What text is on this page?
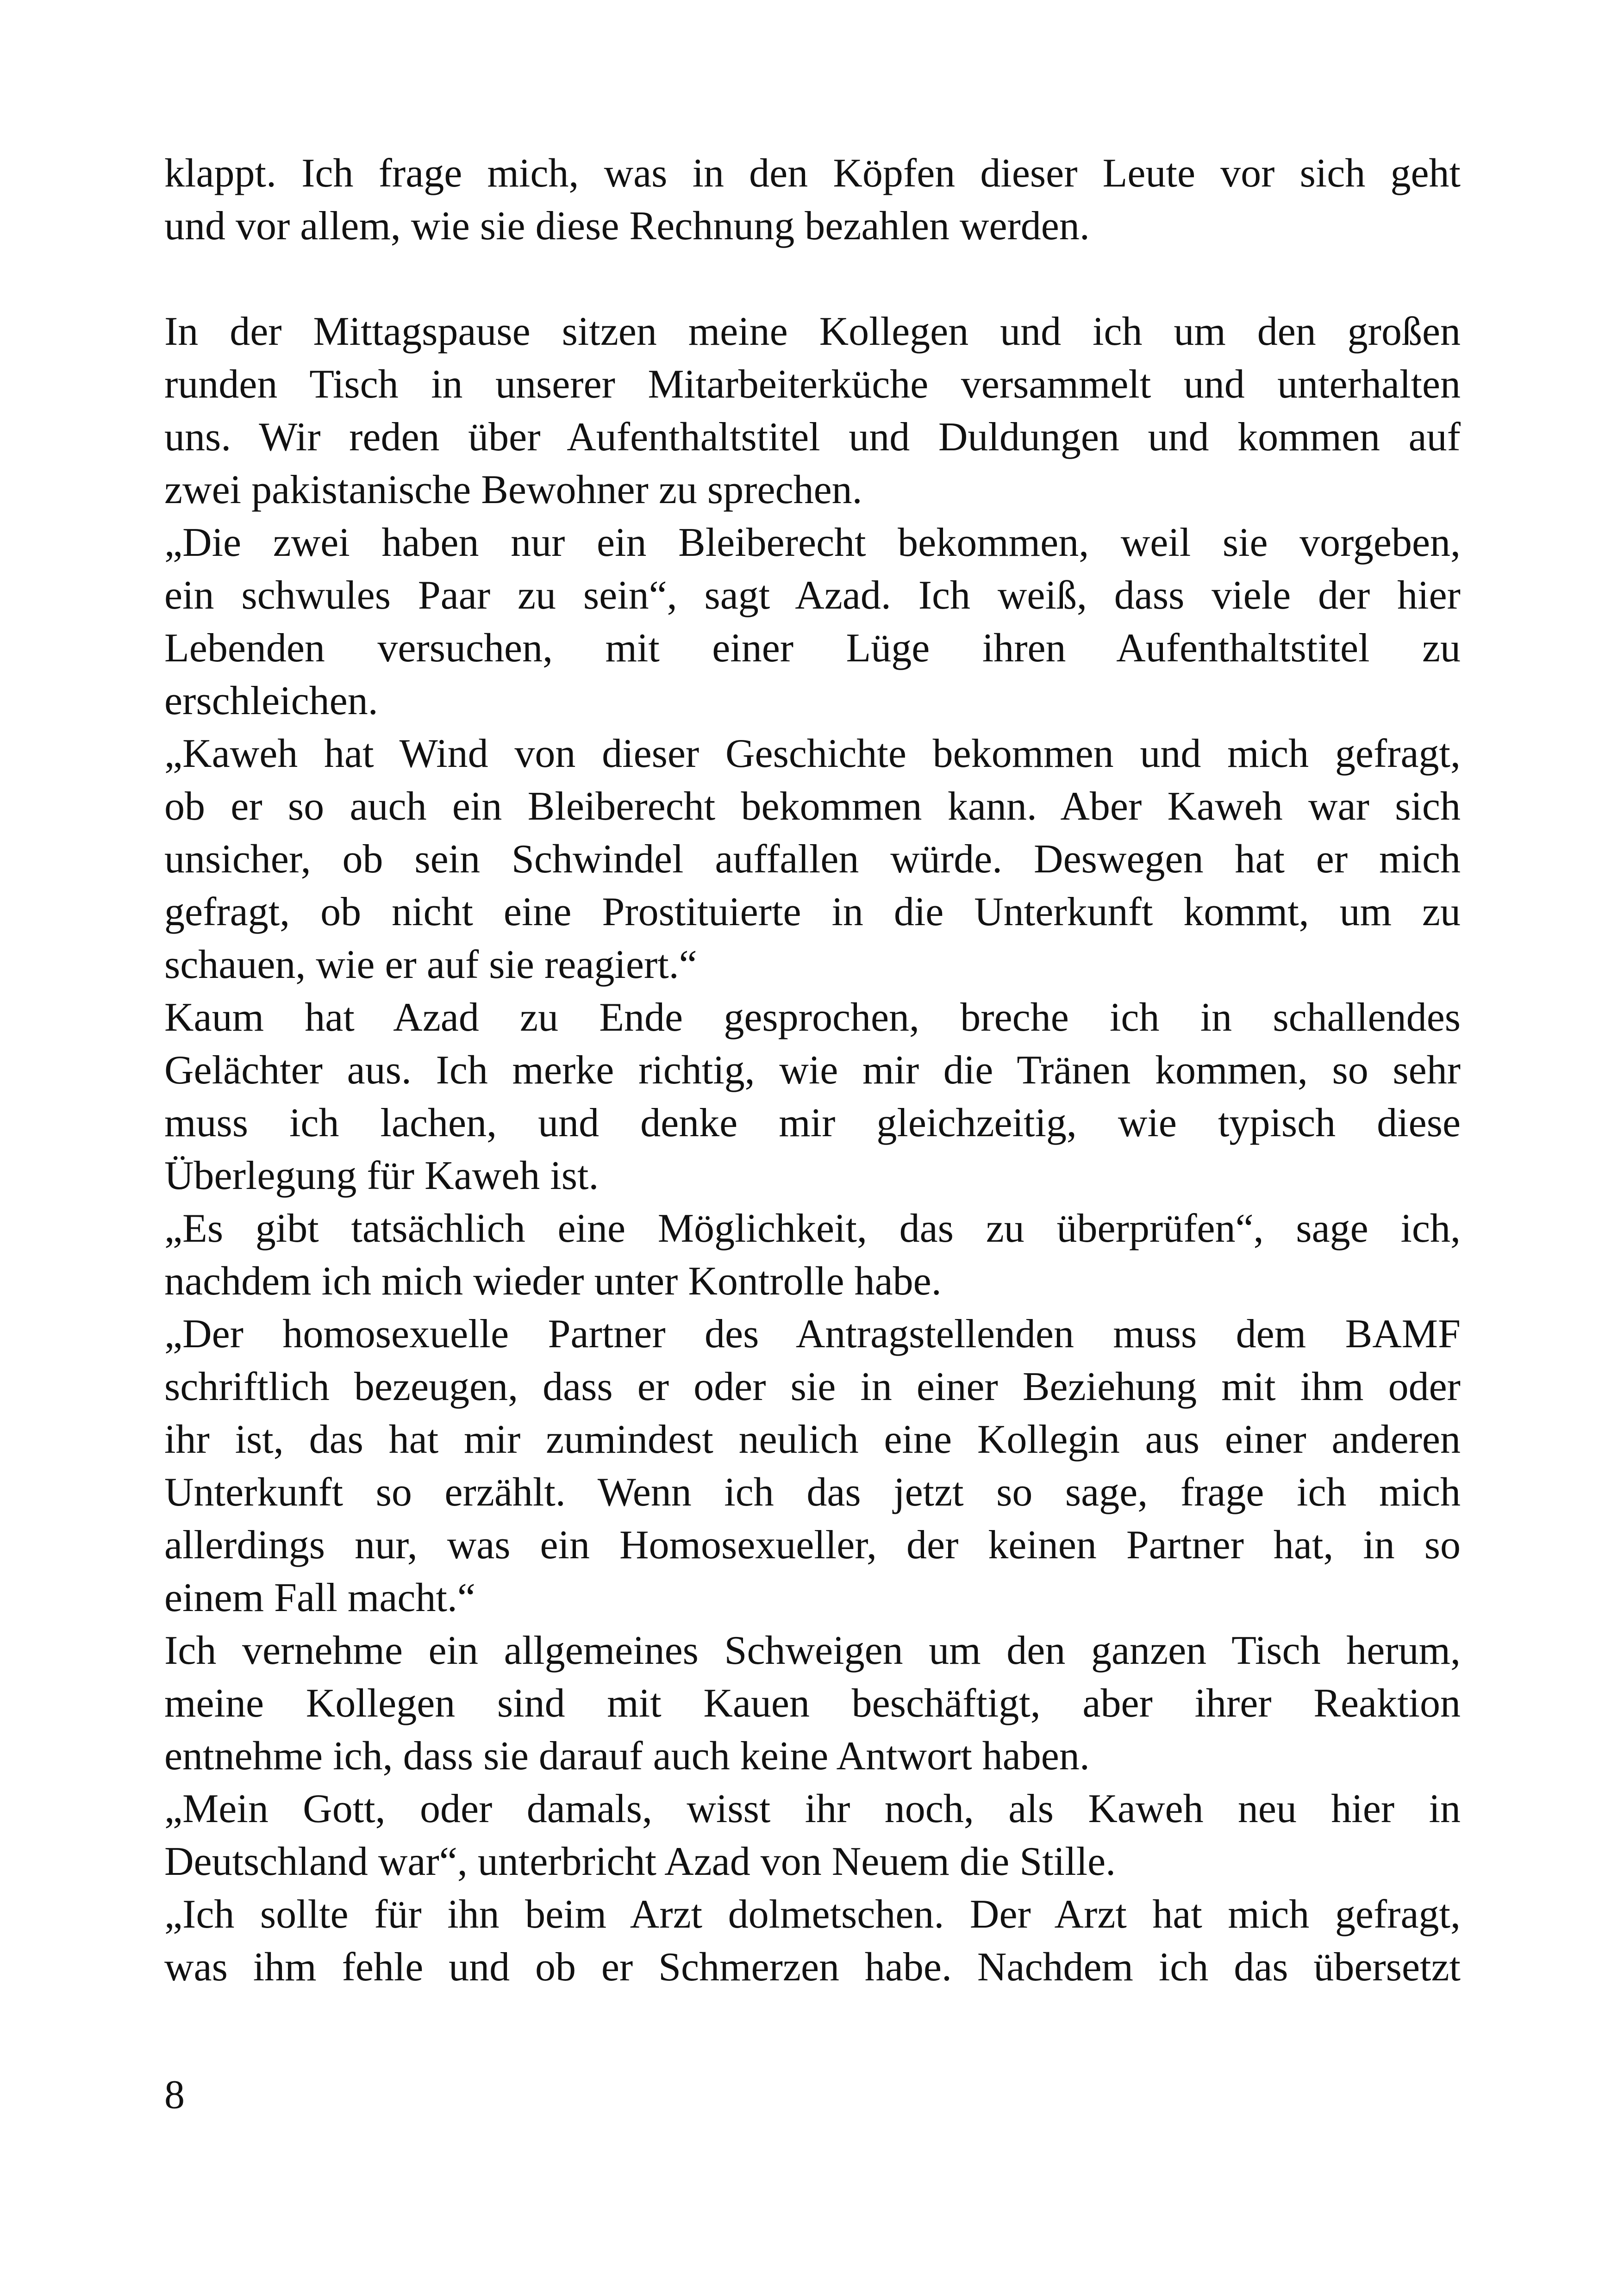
klappt. Ich frage mich, was in den Köpfen dieser Leute vor sich geht
und vor allem, wie sie diese Rechnung bezahlen werden.
In der Mittagspause sitzen meine Kollegen und ich um den großen
runden Tisch in unserer Mitarbeiterküche versammelt und unterhalten
uns. Wir reden über Aufenthaltstitel und Duldungen und kommen auf
zwei pakistanische Bewohner zu sprechen.
„Die zwei haben nur ein Bleiberecht bekommen, weil sie vorgeben,
ein schwules Paar zu sein“, sagt Azad. Ich weiß, dass viele der hier
Lebenden versuchen, mit einer Lüge ihren Aufenthaltstitel zu
erschleichen.
„Kaweh hat Wind von dieser Geschichte bekommen und mich gefragt,
ob er so auch ein Bleiberecht bekommen kann. Aber Kaweh war sich
unsicher, ob sein Schwindel auffallen würde. Deswegen hat er mich
gefragt, ob nicht eine Prostituierte in die Unterkunft kommt, um zu
schauen, wie er auf sie reagiert.“
Kaum hat Azad zu Ende gesprochen, breche ich in schallendes
Gelächter aus. Ich merke richtig, wie mir die Tränen kommen, so sehr
muss ich lachen, und denke mir gleichzeitig, wie typisch diese
Überlegung für Kaweh ist.
„Es gibt tatsächlich eine Möglichkeit, das zu überprüfen“, sage ich,
nachdem ich mich wieder unter Kontrolle habe.
„Der homosexuelle Partner des Antragstellenden muss dem BAMF
schriftlich bezeugen, dass er oder sie in einer Beziehung mit ihm oder
ihr ist, das hat mir zumindest neulich eine Kollegin aus einer anderen
Unterkunft so erzählt. Wenn ich das jetzt so sage, frage ich mich
allerdings nur, was ein Homosexueller, der keinen Partner hat, in so
einem Fall macht.“
Ich vernehme ein allgemeines Schweigen um den ganzen Tisch herum,
meine Kollegen sind mit Kauen beschäftigt, aber ihrer Reaktion
entnehme ich, dass sie darauf auch keine Antwort haben.
„Mein Gott, oder damals, wisst ihr noch, als Kaweh neu hier in
Deutschland war“, unterbricht Azad von Neuem die Stille.
„Ich sollte für ihn beim Arzt dolmetschen. Der Arzt hat mich gefragt,
was ihm fehle und ob er Schmerzen habe. Nachdem ich das übersetzt
8
